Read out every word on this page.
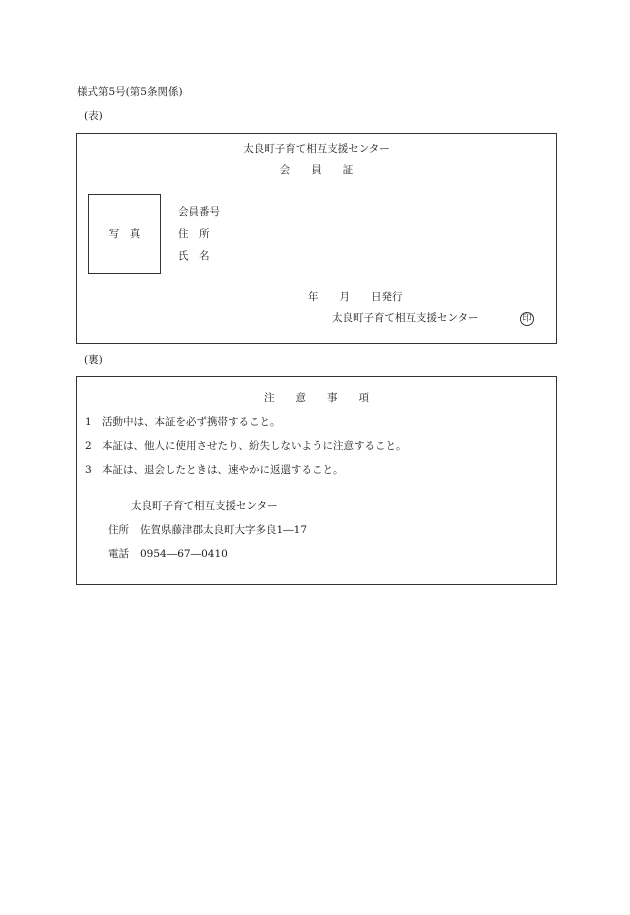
様式第5号(第5条関係)
(表)
太良町子育て相互支援センター
会　　員　　証
写　真
会員番号
住　所
氏　名
年　　月　　日発行
太良町子育て相互支援センター	印
(裏)
注　　意　　事　　項
1 活動中は、本証を必ず携帯すること。
2 本証は、他人に使用させたり、紛失しないように注意すること。
3 本証は、退会したときは、速やかに返還すること。
太良町子育て相互支援センター
住所 佐賀県藤津郡太良町大字多良1―17
電話 0954―67―0410
